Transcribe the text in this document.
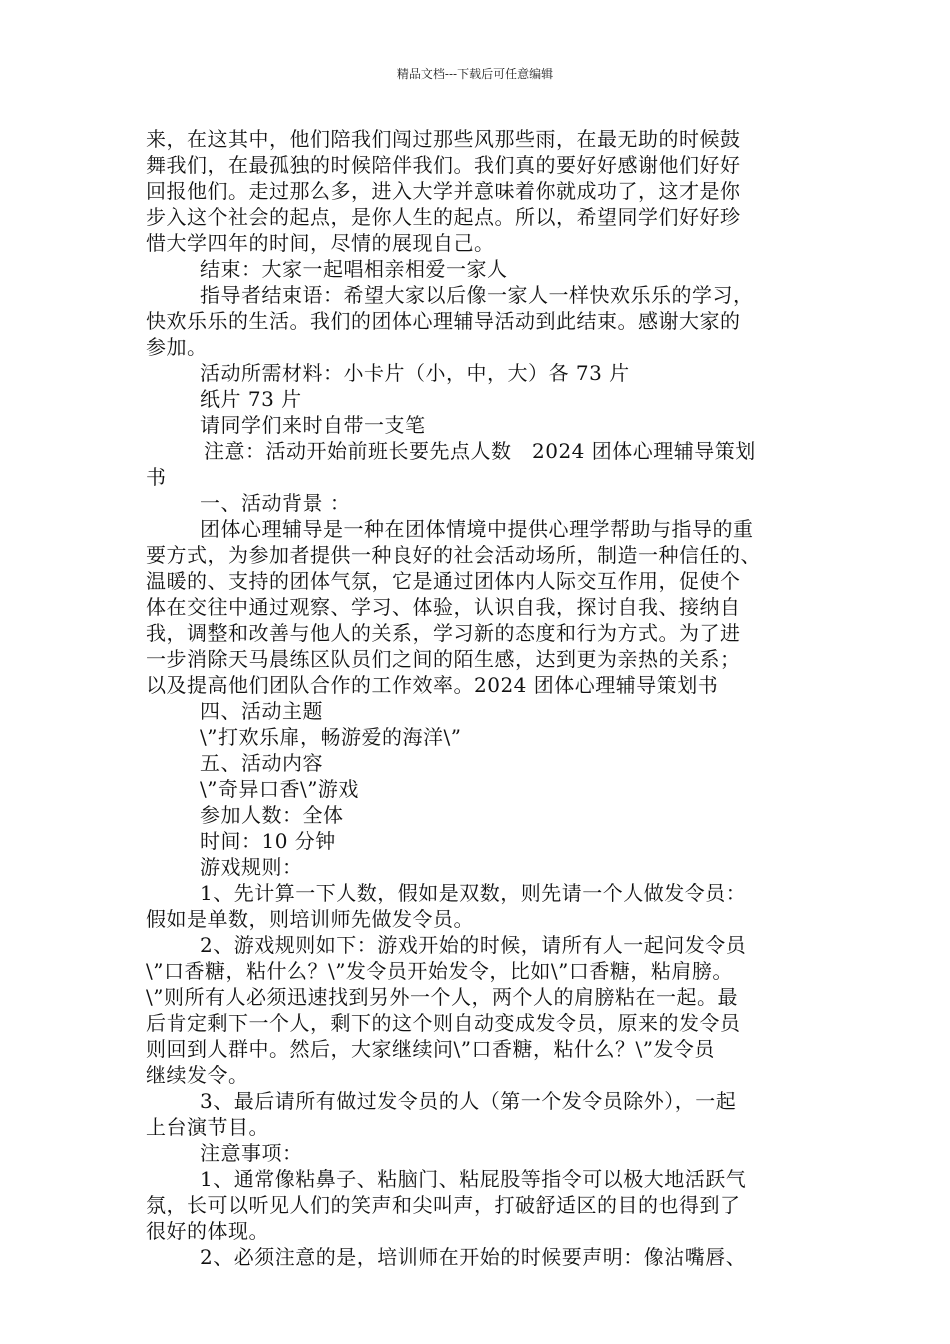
精品文档---下载后可任意编辑

来，在这其中，他们陪我们闯过那些风那些雨，在最无助的时候鼓

舞我们，在最孤独的时候陪伴我们。我们真的要好好感谢他们好好

回报他们。走过那么多，进入大学并意味着你就成功了，这才是你

步入这个社会的起点，是你人生的起点。所以，希望同学们好好珍

惜大学四年的时间，尽情的展现自己。

结束：大家一起唱相亲相爱一家人

指导者结束语：希望大家以后像一家人一样快欢乐乐的学习，

快欢乐乐的生活。我们的团体心理辅导活动到此结束。感谢大家的

参加。

活动所需材料：小卡片（小，中，大）各 73 片

纸片 73 片

请同学们来时自带一支笔

注意：活动开始前班长要先点人数　2024 团体心理辅导策划

书

一、活动背景 ：

团体心理辅导是一种在团体情境中提供心理学帮助与指导的重

要方式，为参加者提供一种良好的社会活动场所，制造一种信任的、

温暖的、支持的团体气氛，它是通过团体内人际交互作用，促使个

体在交往中通过观察、学习、体验，认识自我，探讨自我、接纳自

我，调整和改善与他人的关系，学习新的态度和行为方式。为了进

一步消除天马晨练区队员们之间的陌生感，达到更为亲热的关系；

以及提高他们团队合作的工作效率。2024 团体心理辅导策划书

四、活动主题

\”打欢乐扉，畅游爱的海洋\”

五、活动内容

\”奇异口香\”游戏

参加人数：全体

时间：10 分钟

游戏规则：

1、先计算一下人数，假如是双数，则先请一个人做发令员：

假如是单数，则培训师先做发令员。

2、游戏规则如下：游戏开始的时候，请所有人一起问发令员

\”口香糖，粘什么？\”发令员开始发令，比如\”口香糖，粘肩膀。

\”则所有人必须迅速找到另外一个人，两个人的肩膀粘在一起。最

后肯定剩下一个人，剩下的这个则自动变成发令员，原来的发令员

则回到人群中。然后，大家继续问\”口香糖，粘什么？\”发令员

继续发令。

3、最后请所有做过发令员的人（第一个发令员除外），一起

上台演节目。

注意事项：

1、通常像粘鼻子、粘脑门、粘屁股等指令可以极大地活跃气

氛，长可以听见人们的笑声和尖叫声，打破舒适区的目的也得到了

很好的体现。

2、必须注意的是，培训师在开始的时候要声明：像沾嘴唇、
